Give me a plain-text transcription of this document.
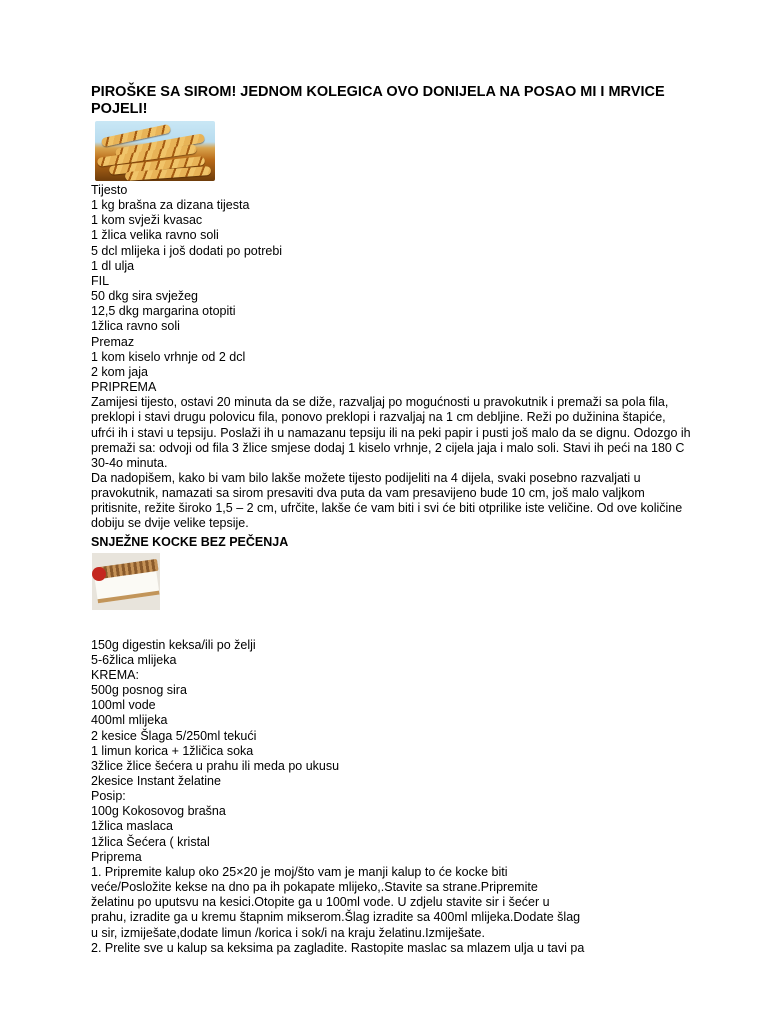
PIROŠKE SA SIROM! JEDNOM KOLEGICA OVO DONIJELA NA POSAO MI I MRVICE POJELI!

Tijesto

1 kg brašna za dizana tijesta

1 kom svježi kvasac

1 žlica velika ravno soli

5 dcl mlijeka i još dodati po potrebi

1 dl ulja

FIL

50 dkg sira svježeg

12,5 dkg margarina otopiti

1žlica ravno soli

Premaz

1 kom kiselo vrhnje od 2 dcl

2 kom jaja

PRIPREMA

Zamijesi tijesto, ostavi 20 minuta da se diže, razvaljaj po mogućnosti u pravokutnik i premaži sa pola fila, preklopi i stavi drugu polovicu fila, ponovo preklopi i razvaljaj na 1 cm debljine. Reži po dužinina štapiće, ufrći ih i stavi u tepsiju. Poslaži ih u namazanu tepsiju ili na peki papir i pusti još malo da se dignu. Odozgo ih premaži sa: odvoji od fila 3 žlice smjese dodaj 1 kiselo vrhnje, 2 cijela jaja i malo soli. Stavi ih peći na 180 C 30-4o minuta.

Da nadopišem, kako bi vam bilo lakše možete tijesto podijeliti na 4 dijela, svaki posebno razvaljati u pravokutnik, namazati sa sirom presaviti dva puta da vam presavijeno bude 10 cm, još malo valjkom pritisnite, režite široko 1,5 – 2 cm, ufrčite, lakše će vam biti i svi će biti otprilike iste veličine. Od ove količine dobiju se dvije velike tepsije.

SNJEŽNE KOCKE BEZ PEČENJA

150g digestin keksa/ili po želji

5-6žlica mlijeka

KREMA:

500g posnog sira

100ml vode

400ml mlijeka

2 kesice Šlaga 5/250ml tekući

1 limun korica + 1žličica soka

3žlice žlice šećera u prahu ili meda po ukusu

2kesice Instant želatine

Posip:

100g Kokosovog brašna

1žlica maslaca

1žlica Šećera ( kristal

Priprema

1. Pripremite kalup oko 25×20 je moj/što vam je manji kalup to će kocke biti

veće/Posložite kekse na dno pa ih pokapate mlijeko,.Stavite sa strane.Pripremite

želatinu po uputsvu na kesici.Otopite ga u 100ml vode. U zdjelu stavite sir i šećer u

prahu, izradite ga u kremu štapnim mikserom.Šlag izradite sa 400ml mlijeka.Dodate šlag

u sir, izmiješate,dodate limun /korica i sok/i na kraju želatinu.Izmiješate.

2. Prelite sve u kalup sa keksima pa zagladite. Rastopite maslac sa mlazem ulja u tavi pa
